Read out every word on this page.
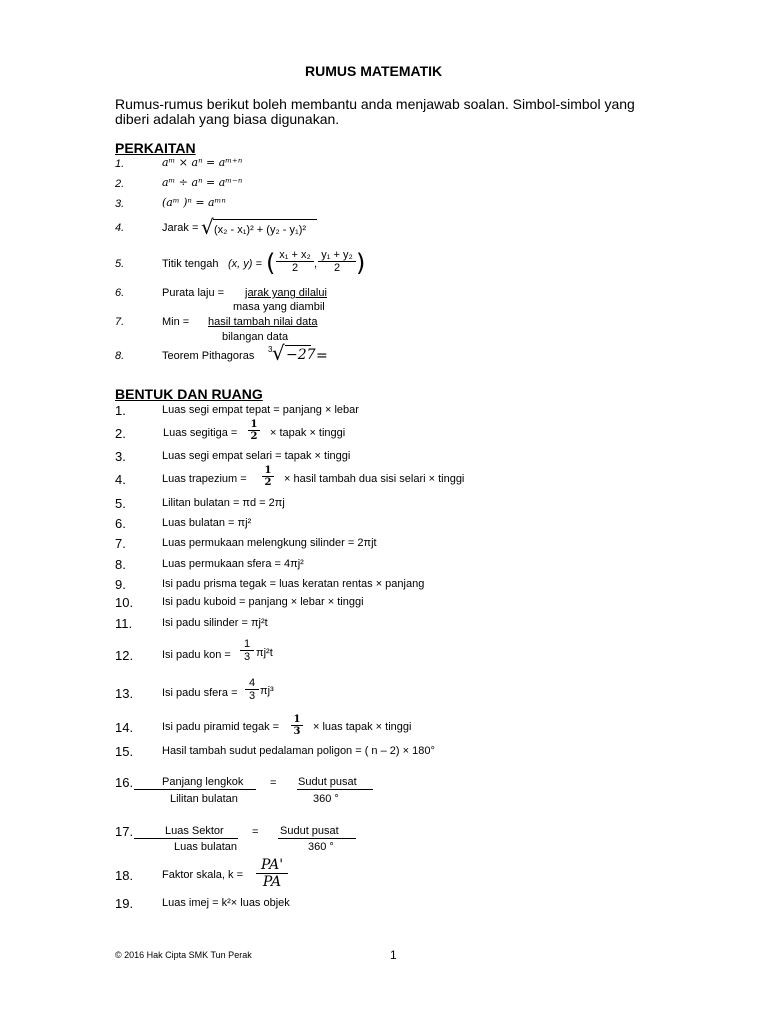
RUMUS MATEMATIK
Rumus-rumus berikut boleh membantu anda menjawab soalan. Simbol-simbol yang
diberi adalah yang biasa digunakan.
PERKAITAN
1.	aᵐ × aⁿ = aᵐ⁺ⁿ
2.	aᵐ ÷ aⁿ = aᵐ⁻ⁿ
3.	(aᵐ )ⁿ = aᵐⁿ
4.	Jarak = √ (x₂ - x₁)² + (y₂ - y₁)²
5.	Titik tengah (x, y) = ( $\frac{\text{x₁ + x₂}}{2}$ , $\frac{\text{y₁ + y₂}}{2}$ )
6.	Purata laju = jarak yang dilalui
masa yang diambil
7.	Min = hasil tambah nilai data
bilangan data
8.	Teorem Pithagoras
3 √ −27 =
BENTUK DAN RUANG
1.	Luas segi empat tepat = panjang × lebar
2.	Luas segitiga = $\frac{1}{2}$ × tapak × tinggi
3.	Luas segi empat selari = tapak × tinggi
4.	Luas trapezium = $\frac{1}{2}$ × hasil tambah dua sisi selari × tinggi
5.	Lilitan bulatan = πd = 2πj
6.	Luas bulatan = πj²
7.	Luas permukaan melengkung silinder = 2πjt
8.	Luas permukaan sfera = 4πj²
9.	Isi padu prisma tegak = luas keratan rentas × panjang
10.	Isi padu kuboid = panjang × lebar × tinggi
11.	Isi padu silinder = πj²t
12.	Isi padu kon = $\frac{1}{3} \pi j^2t$
13.	Isi padu sfera = $\frac{4}{3} \pi j^3$
14.	Isi padu piramid tegak = $\frac{1}{3}$ × luas tapak × tinggi
15.	Hasil tambah sudut pedalaman poligon = ( n – 2) × 180°
16.	Panjang lengkok
Lilitan bulatan
= Sudut pusat
360 °
17.	Luas Sektor
Luas bulatan
= Sudut pusat
360 °
18.	Faktor skala, $k = \frac{PA'}{PA}$
19.	Luas imej = k²× luas objek
© 2016 Hak Cipta SMK Tun Perak	1
